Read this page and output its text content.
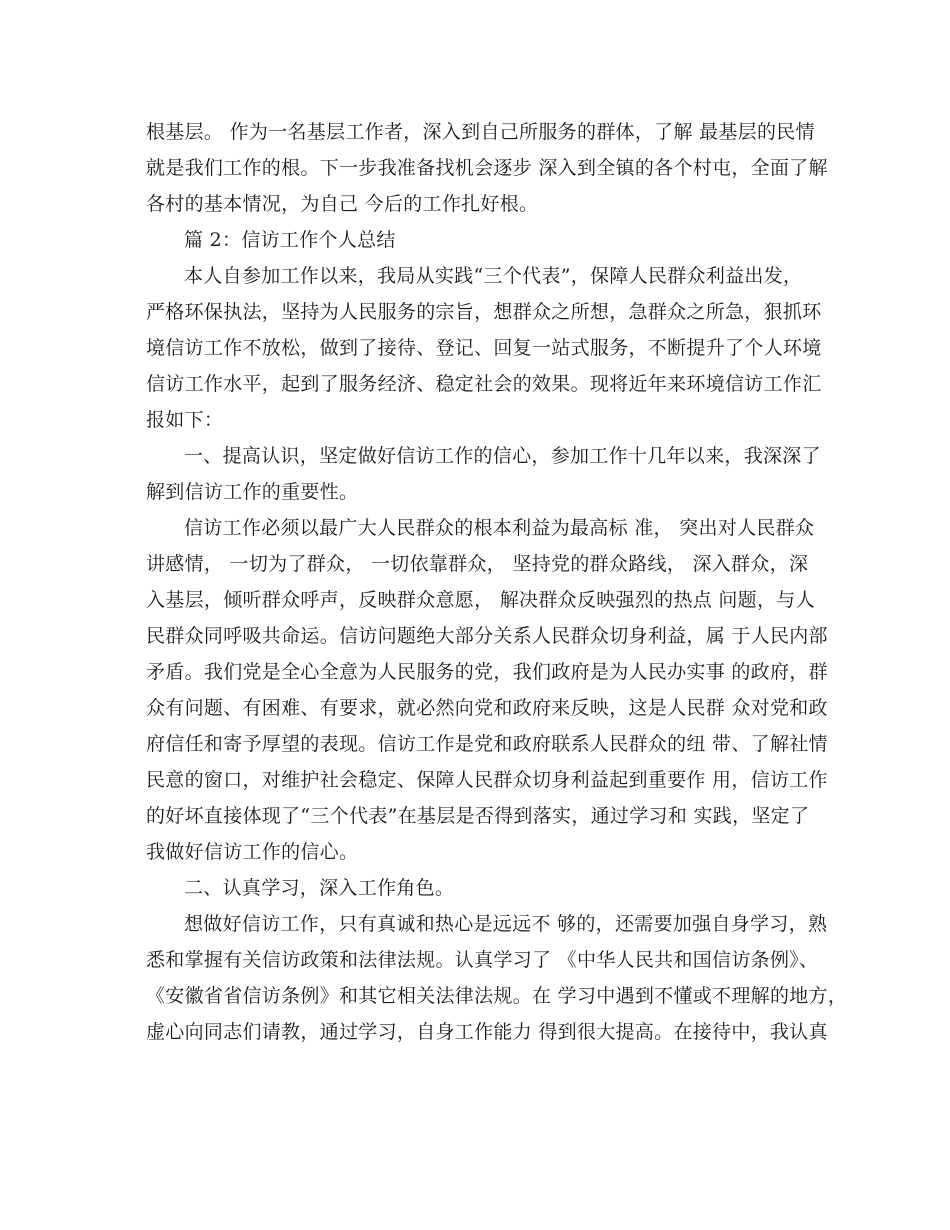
根基层。 作为一名基层工作者，深入到自己所服务的群体，了解 最基层的民情
就是我们工作的根。下一步我准备找机会逐步 深入到全镇的各个村屯，全面了解
各村的基本情况，为自己 今后的工作扎好根。
篇 2：信访工作个人总结
本人自参加工作以来，我局从实践“三个代表”，保障人民群众利益出发，
严格环保执法，坚持为人民服务的宗旨，想群众之所想，急群众之所急，狠抓环
境信访工作不放松，做到了接待、登记、回复一站式服务，不断提升了个人环境
信访工作水平，起到了服务经济、稳定社会的效果。现将近年来环境信访工作汇
报如下：
一、提高认识，坚定做好信访工作的信心，参加工作十几年以来，我深深了
解到信访工作的重要性。
信访工作必须以最广大人民群众的根本利益为最高标 准， 突出对人民群众
讲感情， 一切为了群众， 一切依靠群众， 坚持党的群众路线， 深入群众，深
入基层，倾听群众呼声，反映群众意愿， 解决群众反映强烈的热点 问题，与人
民群众同呼吸共命运。信访问题绝大部分关系人民群众切身利益，属 于人民内部
矛盾。我们党是全心全意为人民服务的党，我们政府是为人民办实事 的政府，群
众有问题、有困难、有要求，就必然向党和政府来反映，这是人民群 众对党和政
府信任和寄予厚望的表现。信访工作是党和政府联系人民群众的纽 带、了解社情
民意的窗口，对维护社会稳定、保障人民群众切身利益起到重要作 用，信访工作
的好坏直接体现了“三个代表”在基层是否得到落实，通过学习和 实践，坚定了
我做好信访工作的信心。
二、认真学习，深入工作角色。
想做好信访工作，只有真诚和热心是远远不 够的，还需要加强自身学习，熟
悉和掌握有关信访政策和法律法规。认真学习了 《中华人民共和国信访条例》、
《安徽省省信访条例》和其它相关法律法规。在 学习中遇到不懂或不理解的地方，
虚心向同志们请教，通过学习，自身工作能力 得到很大提高。在接待中，我认真
